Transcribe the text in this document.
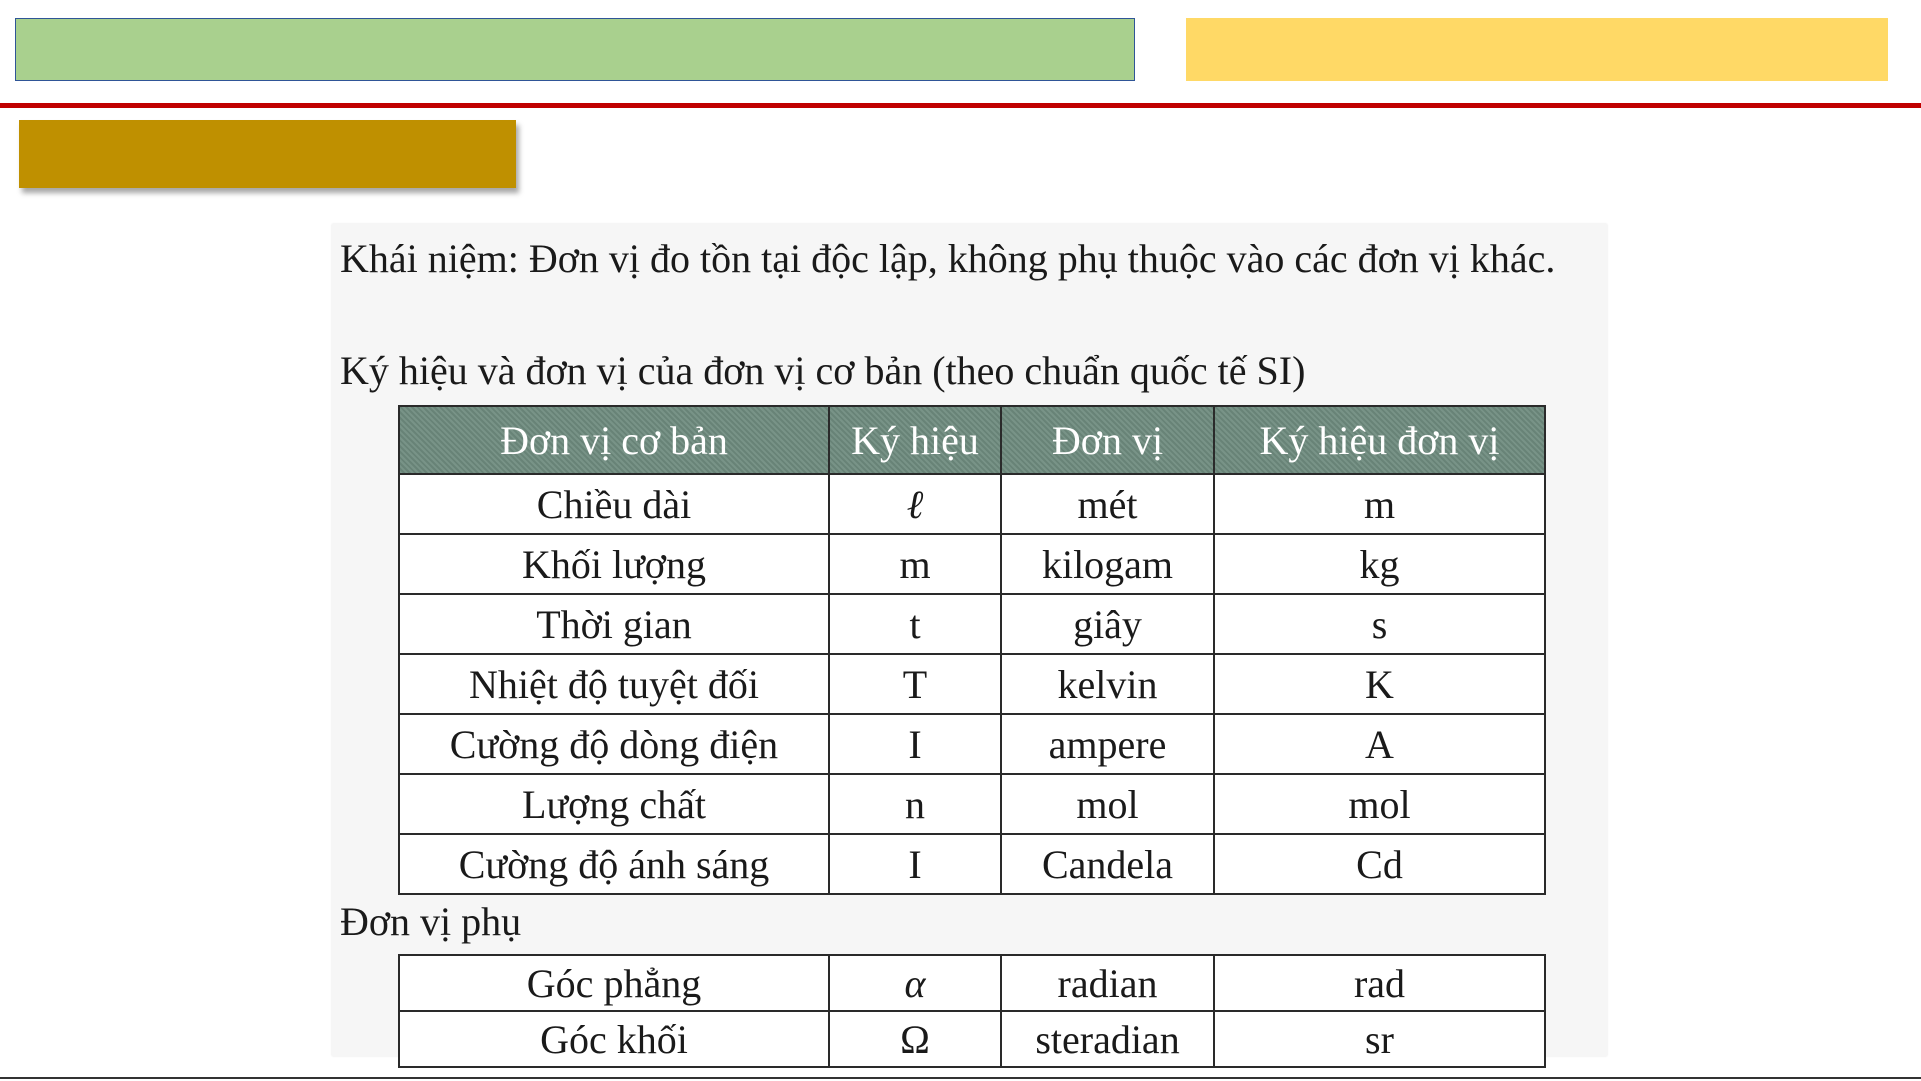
Khái niệm: Đơn vị đo tồn tại độc lập, không phụ thuộc vào các đơn vị khác.

Ký hiệu và đơn vị của đơn vị cơ bản (theo chuẩn quốc tế SI)

Đơn vị cơ bản	Ký hiệu	Đơn vị	Ký hiệu đơn vị
Chiều dài	ℓ	mét	m
Khối lượng	m	kilogam	kg
Thời gian	t	giây	s
Nhiệt độ tuyệt đối	T	kelvin	K
Cường độ dòng điện	I	ampere	A
Lượng chất	n	mol	mol
Cường độ ánh sáng	I	Candela	Cd

Đơn vị phụ

Góc phẳng	α	radian	rad
Góc khối	Ω	steradian	sr
